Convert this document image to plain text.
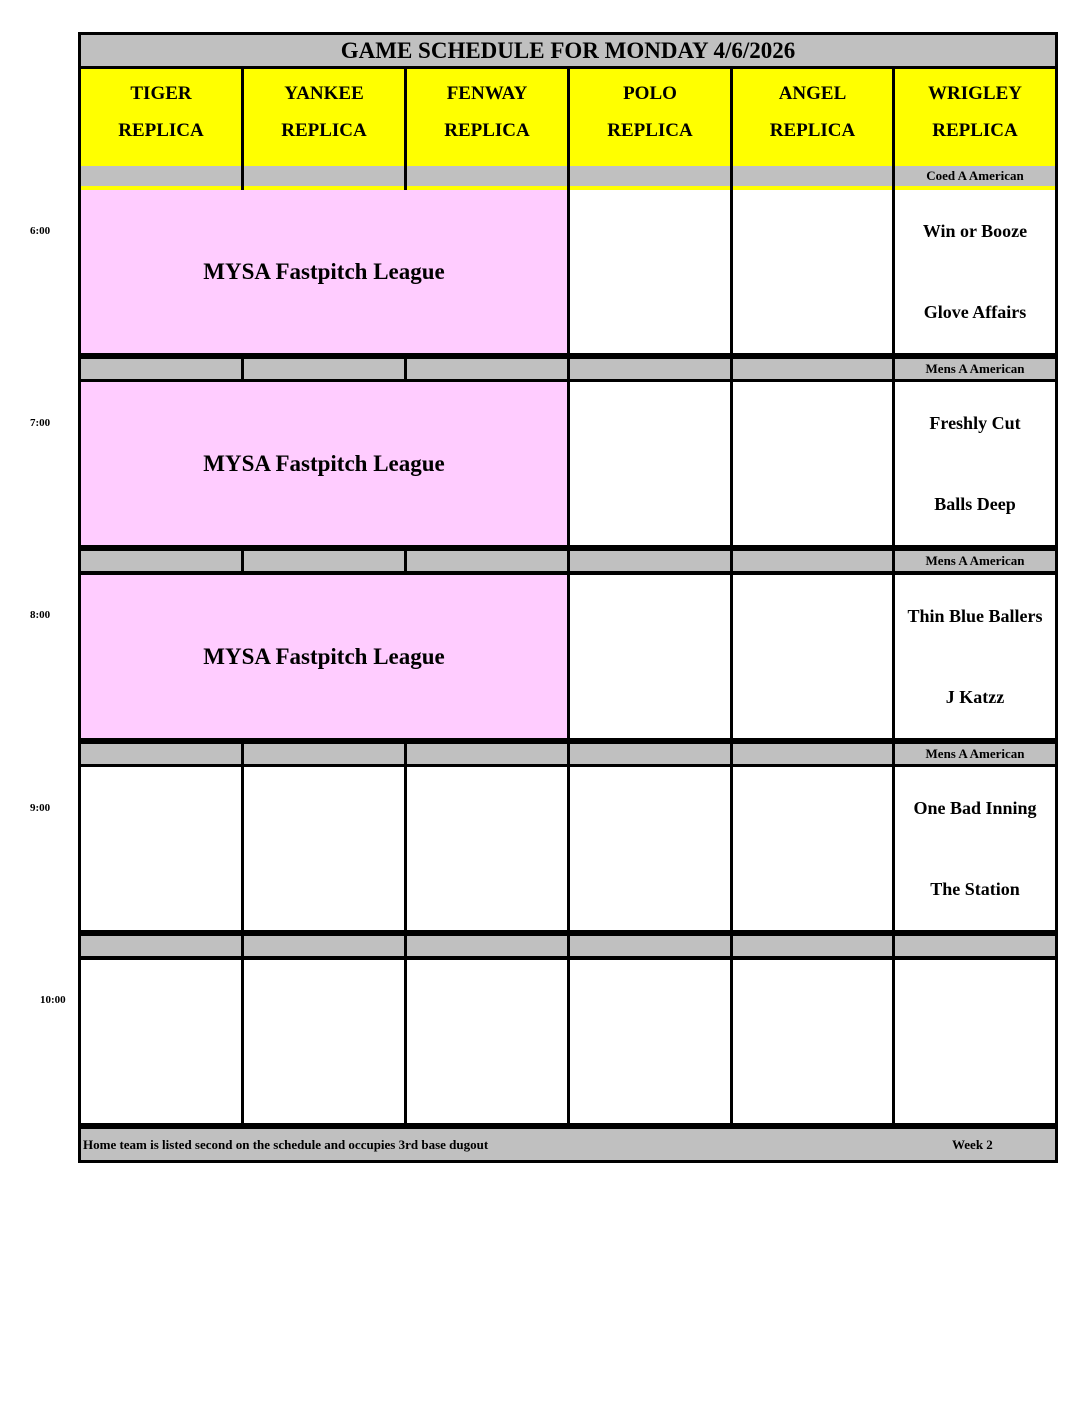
GAME SCHEDULE FOR MONDAY 4/6/2026
TIGER
REPLICA
YANKEE
REPLICA
FENWAY
REPLICA
POLO
REPLICA
ANGEL
REPLICA
WRIGLEY
REPLICA
Coed A American
MYSA Fastpitch League
Win or Booze
Glove Affairs
Mens A American
MYSA Fastpitch League
Freshly Cut
Balls Deep
Mens A American
MYSA Fastpitch League
Thin Blue Ballers
J Katzz
Mens A American
One Bad Inning
The Station
Home team is listed second on the schedule and occupies 3rd base dugout	Week 2
6:00
7:00
8:00
9:00
10:00
